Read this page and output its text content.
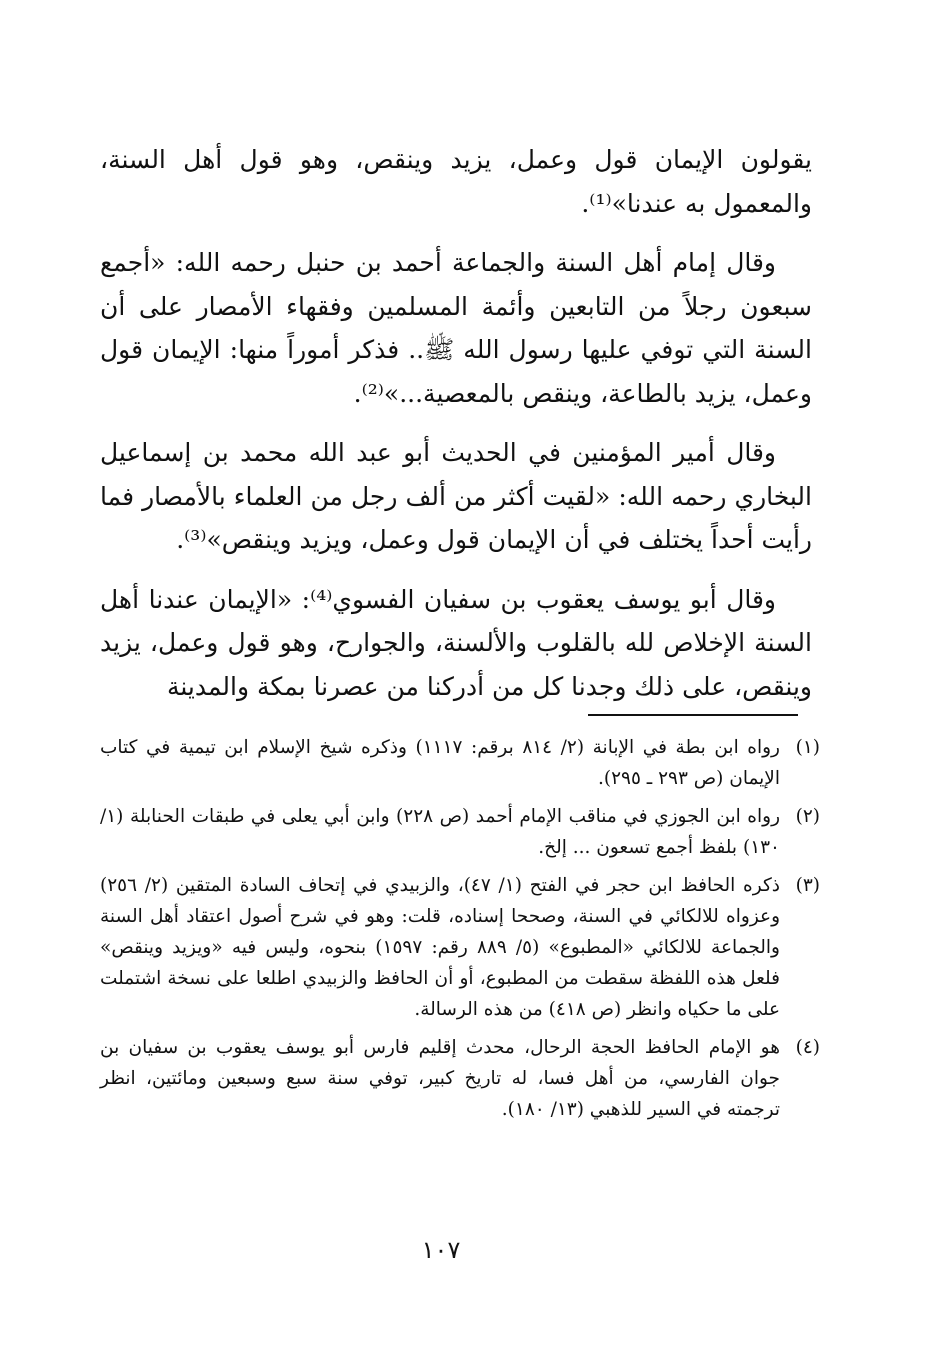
يقولون الإيمان قول وعمل، يزيد وينقص، وهو قول أهل السنة، والمعمول به عندنا»⁽¹⁾.

وقال إمام أهل السنة والجماعة أحمد بن حنبل رحمه الله: «أجمع سبعون رجلاً من التابعين وأئمة المسلمين وفقهاء الأمصار على أن السنة التي توفي عليها رسول الله ﷺ.. فذكر أموراً منها: الإيمان قول وعمل، يزيد بالطاعة، وينقص بالمعصية...»⁽²⁾.

وقال أمير المؤمنين في الحديث أبو عبد الله محمد بن إسماعيل البخاري رحمه الله: «لقيت أكثر من ألف رجل من العلماء بالأمصار فما رأيت أحداً يختلف في أن الإيمان قول وعمل، ويزيد وينقص»⁽³⁾.

وقال أبو يوسف يعقوب بن سفيان الفسوي⁽⁴⁾: «الإيمان عندنا أهل السنة الإخلاص لله بالقلوب والألسنة، والجوارح، وهو قول وعمل، يزيد وينقص، على ذلك وجدنا كل من أدركنا من عصرنا بمكة والمدينة

(١)
رواه ابن بطة في الإبانة (٢/ ٨١٤ برقم: ١١١٧) وذكره شيخ الإسلام ابن تيمية في كتاب الإيمان (ص ٢٩٣ ـ ٢٩٥).
(٢)
رواه ابن الجوزي في مناقب الإمام أحمد (ص ٢٢٨) وابن أبي يعلى في طبقات الحنابلة (١/ ١٣٠) بلفظ أجمع تسعون ... إلخ.
(٣)
ذكره الحافظ ابن حجر في الفتح (١/ ٤٧)، والزبيدي في إتحاف السادة المتقين (٢/ ٢٥٦) وعزواه للالكائي في السنة، وصححا إسناده، قلت: وهو في شرح أصول اعتقاد أهل السنة والجماعة للالكائي «المطبوع» (٥/ ٨٨٩ رقم: ١٥٩٧) بنحوه، وليس فيه «ويزيد وينقص» فلعل هذه اللفظة سقطت من المطبوع، أو أن الحافظ والزبيدي اطلعا على نسخة اشتملت على ما حكياه وانظر (ص ٤١٨) من هذه الرسالة.
(٤)
هو الإمام الحافظ الحجة الرحال، محدث إقليم فارس أبو يوسف يعقوب بن سفيان بن جوان الفارسي، من أهل فسا، له تاريخ كبير، توفي سنة سبع وسبعين ومائتين، انظر ترجمته في السير للذهبي (١٣/ ١٨٠).
١٠٧
